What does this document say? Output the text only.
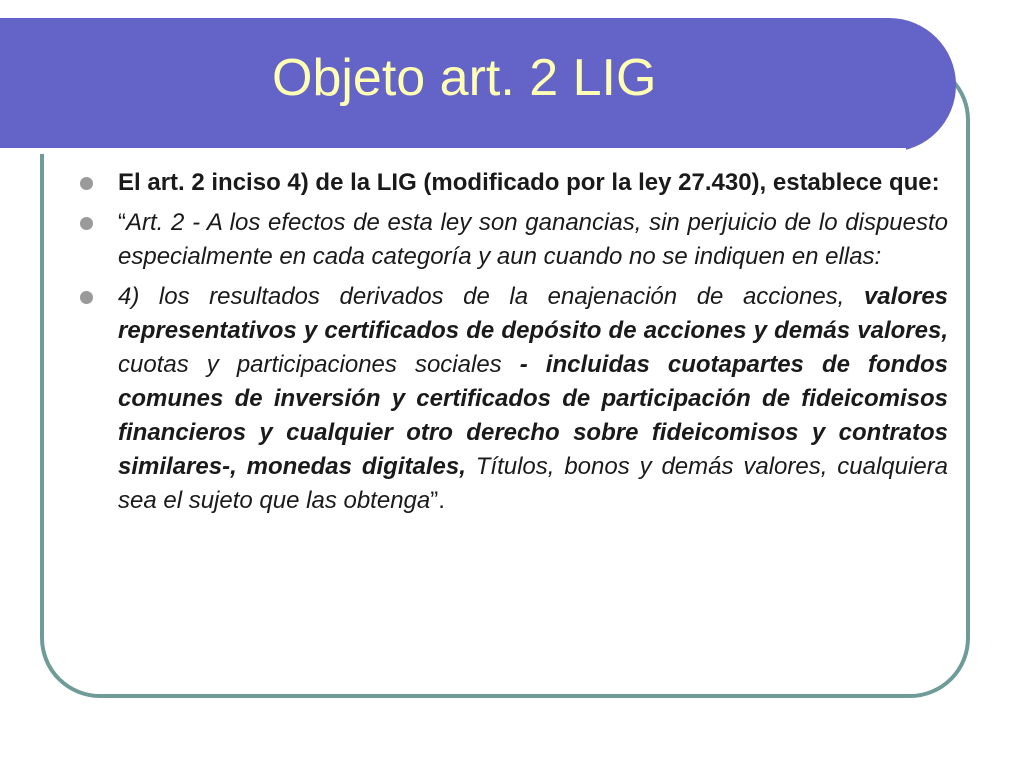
Objeto art. 2 LIG
El art. 2 inciso 4) de la LIG (modificado por la ley 27.430), establece que:
“Art. 2 - A los efectos de esta ley son ganancias, sin perjuicio de lo dispuesto especialmente en cada categoría y aun cuando no se indiquen en ellas:
4) los resultados derivados de la enajenación de acciones, valores representativos y certificados de depósito de acciones y demás valores, cuotas y participaciones sociales - incluidas cuotapartes de fondos comunes de inversión y certificados de participación de fideicomisos financieros y cualquier otro derecho sobre fideicomisos y contratos similares-, monedas digitales, Títulos, bonos y demás valores, cualquiera sea el sujeto que las obtenga”.
